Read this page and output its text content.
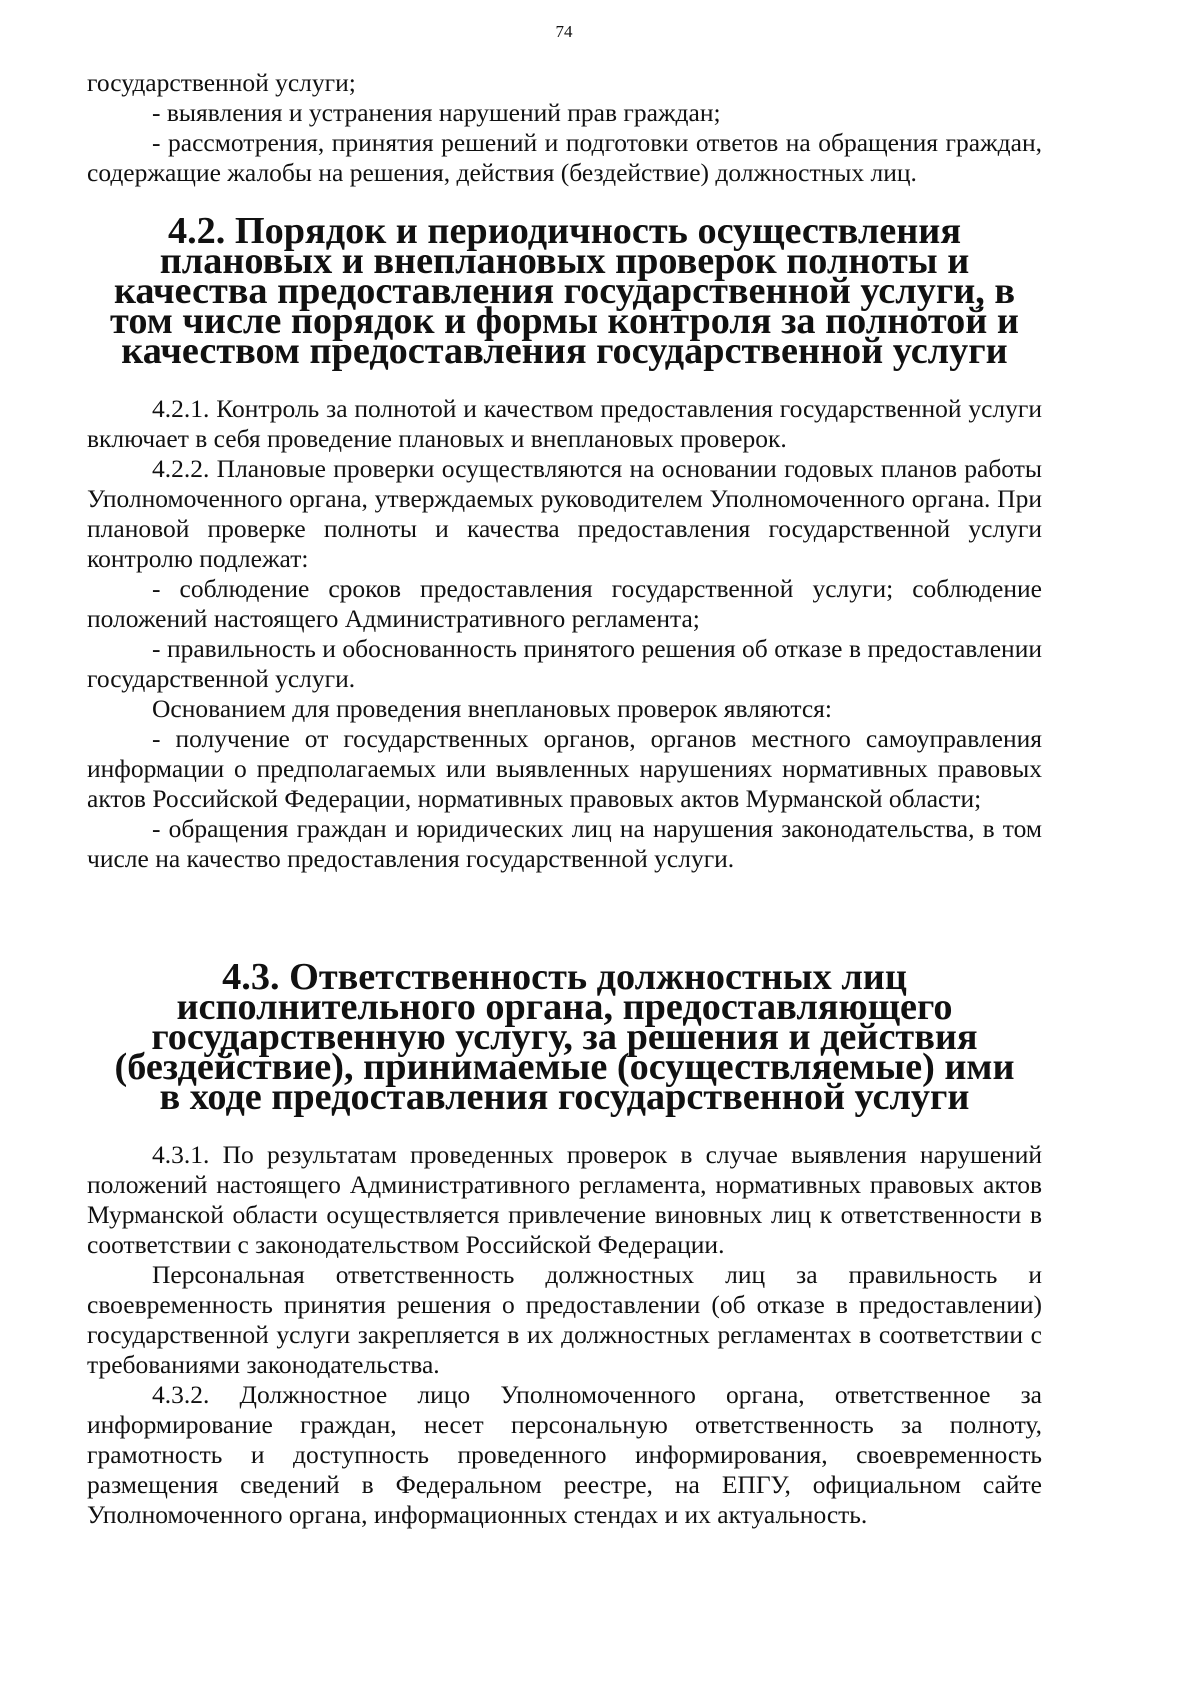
74

государственной услуги;

- выявления и устранения нарушений прав граждан;

- рассмотрения, принятия решений и подготовки ответов на обращения граждан, содержащие жалобы на решения, действия (бездействие) должностных лиц.

4.2. Порядок и периодичность осуществления плановых и внеплановых проверок полноты и качества предоставления государственной услуги, в том числе порядок и формы контроля за полнотой и качеством предоставления государственной услуги

4.2.1. Контроль за полнотой и качеством предоставления государственной услуги включает в себя проведение плановых и внеплановых проверок.

4.2.2. Плановые проверки осуществляются на основании годовых планов работы Уполномоченного органа, утверждаемых руководителем Уполномоченного органа. При плановой проверке полноты и качества предоставления государственной услуги контролю подлежат:

- соблюдение сроков предоставления государственной услуги; соблюдение положений настоящего Административного регламента;

- правильность и обоснованность принятого решения об отказе в предоставлении государственной услуги.

Основанием для проведения внеплановых проверок являются:

- получение от государственных органов, органов местного самоуправления информации о предполагаемых или выявленных нарушениях нормативных правовых актов Российской Федерации, нормативных правовых актов Мурманской области;

- обращения граждан и юридических лиц на нарушения законодательства, в том числе на качество предоставления государственной услуги.

4.3. Ответственность должностных лиц исполнительного органа, предоставляющего государственную услугу, за решения и действия (бездействие), принимаемые (осуществляемые) ими в ходе предоставления государственной услуги

4.3.1. По результатам проведенных проверок в случае выявления нарушений положений настоящего Административного регламента, нормативных правовых актов Мурманской области осуществляется привлечение виновных лиц к ответственности в соответствии с законодательством Российской Федерации.

Персональная ответственность должностных лиц за правильность и своевременность принятия решения о предоставлении (об отказе в предоставлении) государственной услуги закрепляется в их должностных регламентах в соответствии с требованиями законодательства.

4.3.2. Должностное лицо Уполномоченного органа, ответственное за информирование граждан, несет персональную ответственность за полноту, грамотность и доступность проведенного информирования, своевременность размещения сведений в Федеральном реестре, на ЕПГУ, официальном сайте Уполномоченного органа, информационных стендах и их актуальность.
